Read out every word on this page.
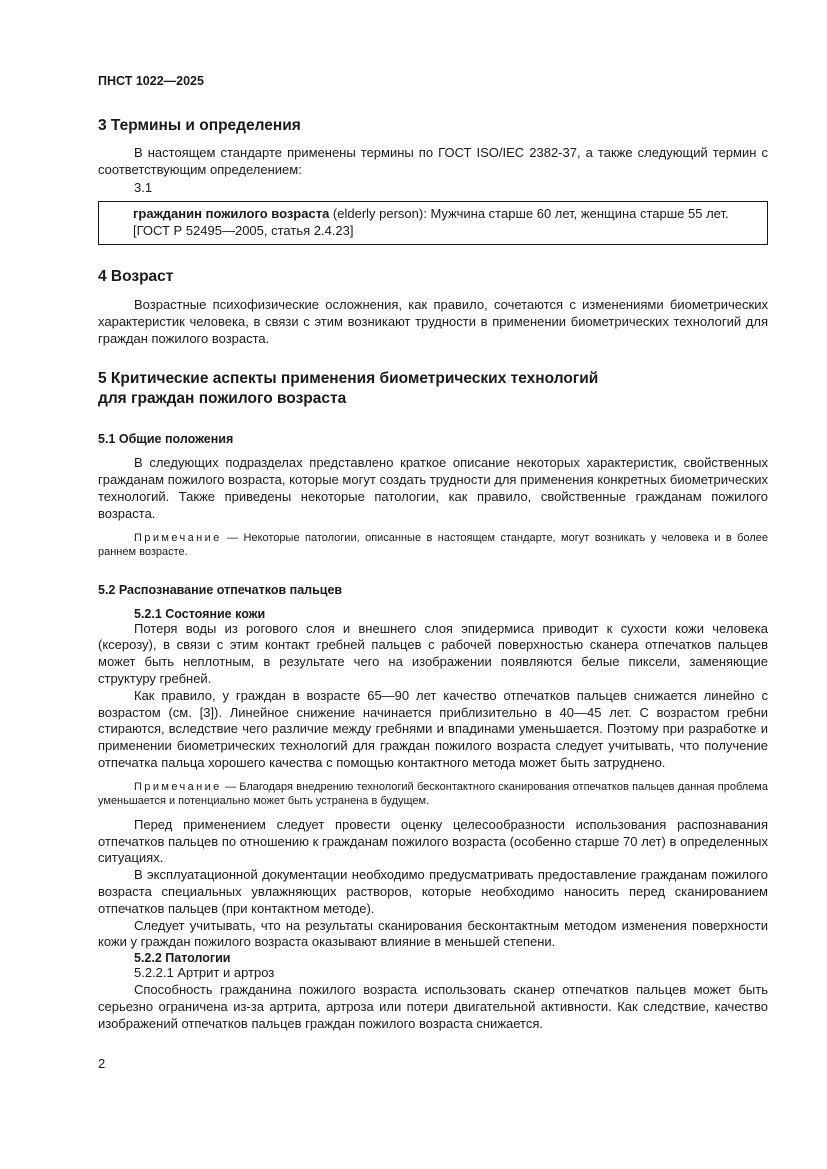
ПНСТ 1022—2025
3 Термины и определения

В настоящем стандарте применены термины по ГОСТ ISO/IEC 2382-37, а также следующий термин с соответствующим определением:

3.1

гражданин пожилого возраста (elderly person): Мужчина старше 60 лет, женщина старше 55 лет.

[ГОСТ Р 52495—2005, статья 2.4.23]

4 Возраст

Возрастные психофизические осложнения, как правило, сочетаются с изменениями биометрических характеристик человека, в связи с этим возникают трудности в применении биометрических технологий для граждан пожилого возраста.

5 Критические аспекты применения биометрических технологий
для граждан пожилого возраста
5.1 Общие положения

В следующих подразделах представлено краткое описание некоторых характеристик, свойственных гражданам пожилого возраста, которые могут создать трудности для применения конкретных биометрических технологий. Также приведены некоторые патологии, как правило, свойственные гражданам пожилого возраста.

Примечание — Некоторые патологии, описанные в настоящем стандарте, могут возникать у человека и в более раннем возрасте.

5.2 Распознавание отпечатков пальцев
5.2.1 Состояние кожи

Потеря воды из рогового слоя и внешнего слоя эпидермиса приводит к сухости кожи человека (ксерозу), в связи с этим контакт гребней пальцев с рабочей поверхностью сканера отпечатков пальцев может быть неплотным, в результате чего на изображении появляются белые пиксели, заменяющие структуру гребней.

Как правило, у граждан в возрасте 65—90 лет качество отпечатков пальцев снижается линейно с возрастом (см. [3]). Линейное снижение начинается приблизительно в 40—45 лет. С возрастом гребни стираются, вследствие чего различие между гребнями и впадинами уменьшается. Поэтому при разработке и применении биометрических технологий для граждан пожилого возраста следует учитывать, что получение отпечатка пальца хорошего качества с помощью контактного метода может быть затруднено.

Примечание — Благодаря внедрению технологий бесконтактного сканирования отпечатков пальцев данная проблема уменьшается и потенциально может быть устранена в будущем.

Перед применением следует провести оценку целесообразности использования распознавания отпечатков пальцев по отношению к гражданам пожилого возраста (особенно старше 70 лет) в определенных ситуациях.

В эксплуатационной документации необходимо предусматривать предоставление гражданам пожилого возраста специальных увлажняющих растворов, которые необходимо наносить перед сканированием отпечатков пальцев (при контактном методе).

Следует учитывать, что на результаты сканирования бесконтактным методом изменения поверхности кожи у граждан пожилого возраста оказывают влияние в меньшей степени.

5.2.2 Патологии

5.2.2.1 Артрит и артроз

Способность гражданина пожилого возраста использовать сканер отпечатков пальцев может быть серьезно ограничена из-за артрита, артроза или потери двигательной активности. Как следствие, качество изображений отпечатков пальцев граждан пожилого возраста снижается.

2
